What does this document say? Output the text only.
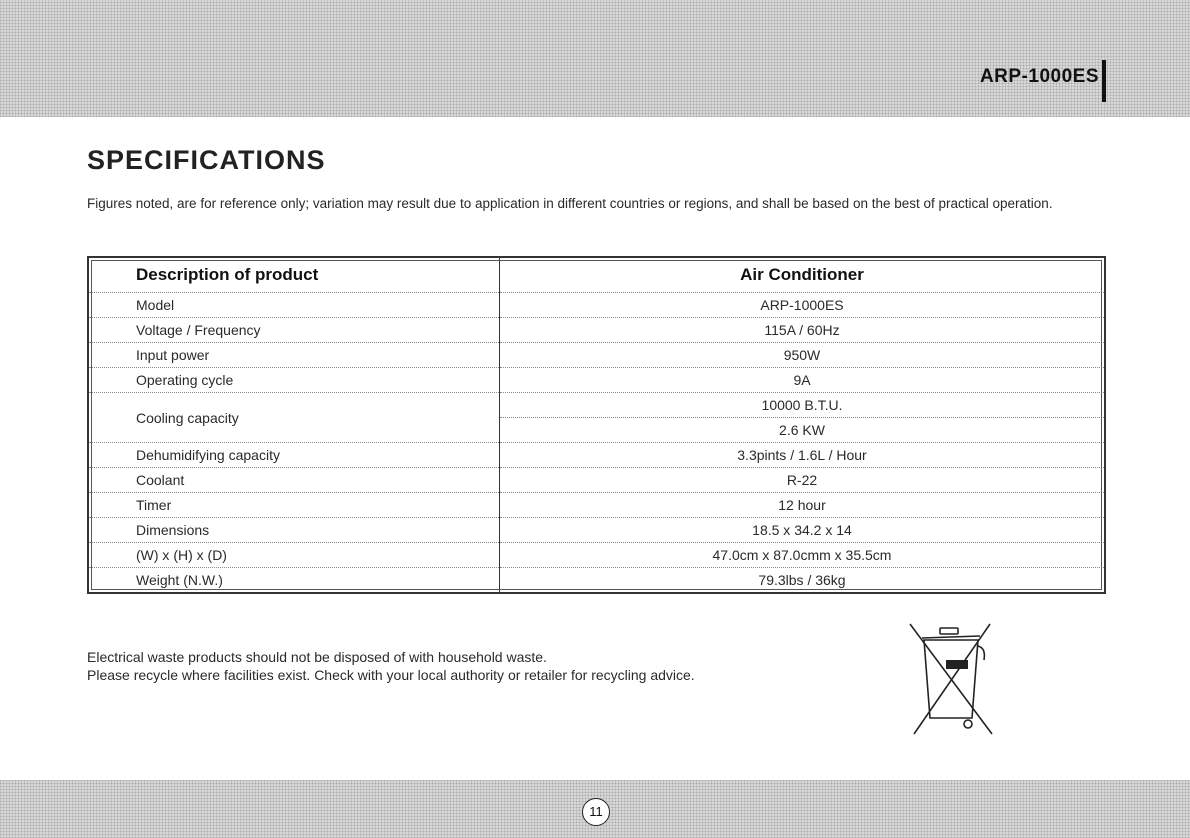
ARP-1000ES
SPECIFICATIONS

Figures noted, are for reference only; variation may result due to application in different countries or regions, and shall be based on the best of practical operation.

Description of product	Air Conditioner
Model	ARP-1000ES
Voltage / Frequency	115A / 60Hz
Input power	950W
Operating cycle	9A
Cooling capacity	10000 B.T.U.
	2.6 KW
Dehumidifying capacity	3.3pints / 1.6L / Hour
Coolant	R-22
Timer	12 hour
Dimensions	18.5 x 34.2 x 14
(W) x (H) x (D)	47.0cm x 87.0cmm x 35.5cm
Weight (N.W.)	79.3lbs / 36kg

Electrical waste products should not be disposed of with household waste.

Please recycle where facilities exist. Check with your local authority or retailer for recycling advice.

11
